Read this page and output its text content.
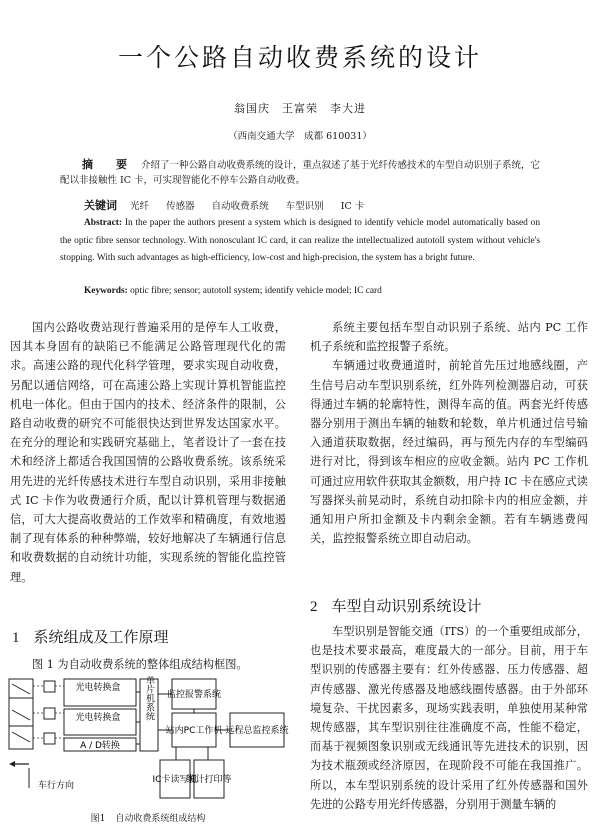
一个公路自动收费系统的设计
翁国庆　王富荣　李大进
（西南交通大学　成都 610031）
摘　要 介绍了一种公路自动收费系统的设计，重点叙述了基于光纤传感技术的车型自动识别子系统，它配以非接触性 IC 卡，可实现智能化不停车公路自动收费。
关键词 光纤 传感器 自动收费系统 车型识别 IC 卡
Abstract: In the paper the authors present a system which is designed to identify vehicle model automatically based on the optic fibre sensor technology. With nonosculant IC card, it can realize the intellectualized autotoll system without vehicle's stopping. With such advantages as high-efficiency, low-cost and high-precision, the system has a bright future.
Keywords: optic fibre; sensor; autotoll system; identify vehicle model; IC card

国内公路收费站现行普遍采用的是停车人工收费，因其本身固有的缺陷已不能满足公路管理现代化的需求。高速公路的现代化科学管理，要求实现自动收费，另配以通信网络，可在高速公路上实现计算机智能监控机电一体化。但由于国内的技术、经济条件的限制，公路自动收费的研究不可能很快达到世界发达国家水平。在充分的理论和实践研究基础上，笔者设计了一套在技术和经济上都适合我国国情的公路收费系统。该系统采用先进的光纤传感技术进行车型自动识别，采用非接触式 IC 卡作为收费通行介质，配以计算机管理与数据通信，可大大提高收费站的工作效率和精确度，有效地遏制了现有体系的种种弊端，较好地解决了车辆通行信息和收费数据的自动统计功能，实现系统的智能化监控管理。

1 系统组成及工作原理
图 1 为自动收费系统的整体组成结构框图。
光电转换盒
光电转换盒
A / D转换
单片机系统 监控报警系统
站内PC工作机 远程总监控系统
IC卡读写机
统计打印等
车行方向
图1 自动收费系统组成结构

系统主要包括车型自动识别子系统、站内 PC 工作机子系统和监控报警子系统。

车辆通过收费通道时，前轮首先压过地感线圈，产生信号启动车型识别系统，红外阵列检测器启动，可获得通过车辆的轮廓特性，测得车高的值。两套光纤传感器分别用于测出车辆的轴数和轮数，单片机通过信号输入通道获取数据，经过编码，再与预先内存的车型编码进行对比，得到该车相应的应收金额。站内 PC 工作机可通过应用软件获取其金额数，用户持 IC 卡在感应式读写器探头前晃动时，系统自动扣除卡内的相应金额，并通知用户所扣金额及卡内剩余金额。若有车辆逃费闯关，监控报警系统立即自动启动。

2 车型自动识别系统设计

车型识别是智能交通（ITS）的一个重要组成部分，也是技术要求最高，难度最大的一部分。目前，用于车型识别的传感器主要有：红外传感器、压力传感器、超声传感器、激光传感器及地感线圈传感器。由于外部环境复杂、干扰因素多，现场实践表明，单独使用某种常规传感器，其车型识别往往准确度不高，性能不稳定，而基于视频图象识别或无线通讯等先进技术的识别，因为技术瓶颈或经济原因，在现阶段不可能在我国推广。所以，本车型识别系统的设计采用了红外传感器和国外先进的公路专用光纤传感器，分别用于测量车辆的
